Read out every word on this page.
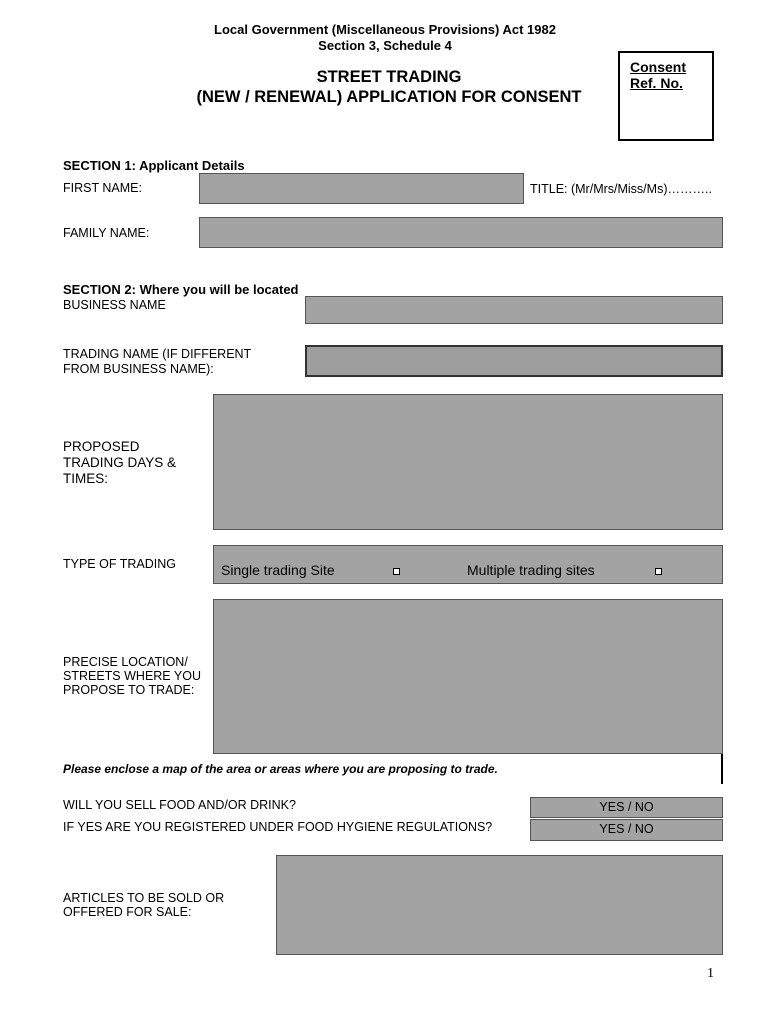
Local Government (Miscellaneous Provisions) Act 1982
Section 3, Schedule 4
STREET TRADING
(NEW / RENEWAL) APPLICATION FOR CONSENT
Consent
Ref. No.
SECTION 1: Applicant Details
FIRST NAME:	TITLE: (Mr/Mrs/Miss/Ms)………..
FAMILY NAME:
SECTION 2: Where you will be located
BUSINESS NAME
TRADING NAME (IF DIFFERENT
FROM BUSINESS NAME):
PROPOSED
TRADING DAYS &
TIMES:
TYPE OF TRADING	Single trading Site	Multiple trading sites
PRECISE LOCATION/
STREETS WHERE YOU
PROPOSE TO TRADE:
Please enclose a map of the area or areas where you are proposing to trade.
WILL YOU SELL FOOD AND/OR DRINK?	YES / NO
IF YES ARE YOU REGISTERED UNDER FOOD HYGIENE REGULATIONS?	YES / NO
ARTICLES TO BE SOLD OR
OFFERED FOR SALE:
1
